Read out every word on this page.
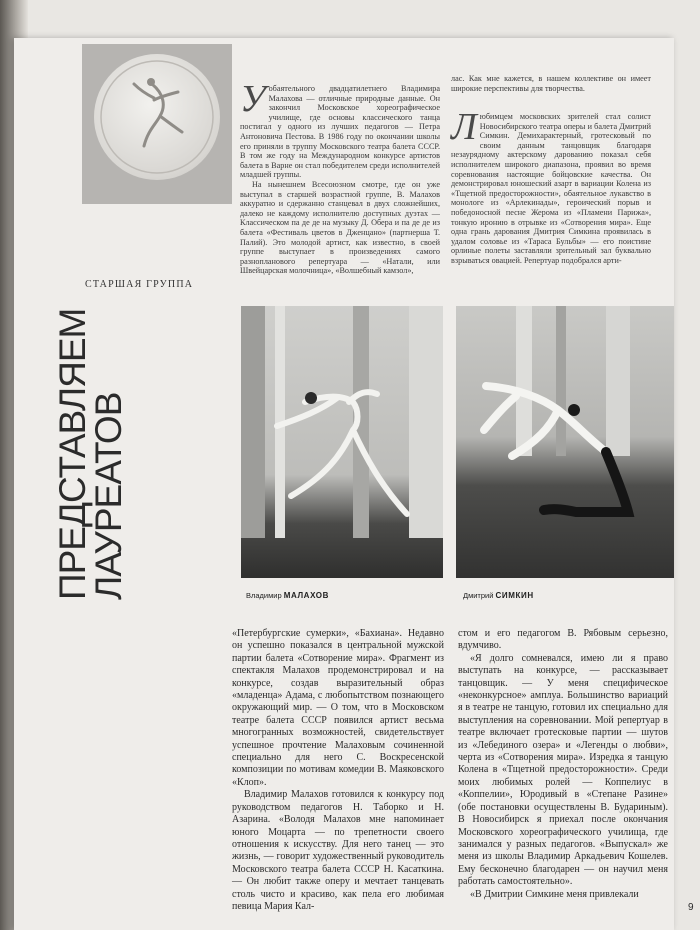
ПРЕДСТАВЛЯЕМ
ЛАУРЕАТОВ
СТАРШАЯ ГРУППА
У обаятельного двадцатилетнего Владимира Малахова — отличные природные данные. Он закончил Московское хореографическое училище, где основы классического танца постигал у одного из лучших педагогов — Петра Антоновича Пестова. В 1986 году по окончании школы его приняли в труппу Московского театра балета СССР. В том же году на Международном конкурсе артистов балета в Варне он стал победителем среди исполнителей младшей группы.

На нынешнем Всесоюзном смотре, где он уже выступал в старшей возрастной группе, В. Малахов аккуратно и сдержанно станцевал в двух сложнейших, далеко не каждому исполнителю доступных дуэтах — Классическом па де де на музыку Д. Обера и па де де из балета «Фестиваль цветов в Дженцано» (партнерша Т. Палий). Это молодой артист, как известно, в своей группе выступает в произведениях самого разнопланового репертуара — «Натали, или Швейцарская молочница», «Волшебный камзол»,

лас. Как мне кажется, в нашем коллективе он имеет широкие перспективы для творчества.

Л юбимцем московских зрителей стал солист Новосибирского театра оперы и балета Дмитрий Симкин. Демихарактерный, гротесковый по своим данным танцовщик благодаря незаурядному актерскому дарованию показал себя исполнителем широкого диапазона, проявил во время соревнования настоящие бойцовские качества. Он демонстрировал юношеский азарт в вариации Колена из «Тщетной предосторожности», обаятельное лукавство в монологе из «Арлекинады», героический порыв и победоносной песне Жерома из «Пламени Парижа», тонкую иронию в отрывке из «Сотворения мира». Еще одна грань дарования Дмитрия Симкина проявилась в удалом соловье из «Тараса Бульбы» — его поистине орлиные полеты заставляли зрительный зал буквально взрываться овацией. Репертуар подобрался арти-

Владимир МАЛАХОВ	Дмитрий СИМКИН

«Петербургские сумерки», «Бахиана». Недавно он успешно показался в центральной мужской партии балета «Сотворение мира». Фрагмент из спектакля Малахов продемонстрировал и на конкурсе, создав выразительный образ «младенца» Адама, с любопытством познающего окружающий мир. — О том, что в Московском театре балета СССР появился артист весьма многогранных возможностей, свидетельствует успешное прочтение Малаховым сочиненной специально для него С. Воскресенской композиции по мотивам комедии В. Маяковского «Клоп».

Владимир Малахов готовился к конкурсу под руководством педагогов Н. Таборко и Н. Азарина. «Володя Малахов мне напоминает юного Моцарта — по трепетности своего отношения к искусству. Для него танец — это жизнь, — говорит художественный руководитель Московского театра балета СССР Н. Касаткина. — Он любит также оперу и мечтает танцевать столь чисто и красиво, как пела его любимая певица Мария Кал-

стом и его педагогом В. Рябовым серьезно, вдумчиво.

«Я долго сомневался, имею ли я право выступать на конкурсе, — рассказывает танцовщик. — У меня специфическое «неконкурсное» амплуа. Большинство вариаций я в театре не танцую, готовил их специально для выступления на соревновании. Мой репертуар в театре включает гротесковые партии — шутов из «Лебединого озера» и «Легенды о любви», черта из «Сотворения мира». Изредка я танцую Колена в «Тщетной предосторожности». Среди моих любимых ролей — Коппелиус в «Коппелии», Юродивый в «Степане Разине» (обе постановки осуществлены В. Будариным). В Новосибирск я приехал после окончания Московского хореографического училища, где занимался у разных педагогов. «Выпускал» же меня из школы Владимир Аркадьевич Кошелев. Ему бесконечно благодарен — он научил меня работать самостоятельно».

«В Дмитрии Симкине меня привлекали

9
